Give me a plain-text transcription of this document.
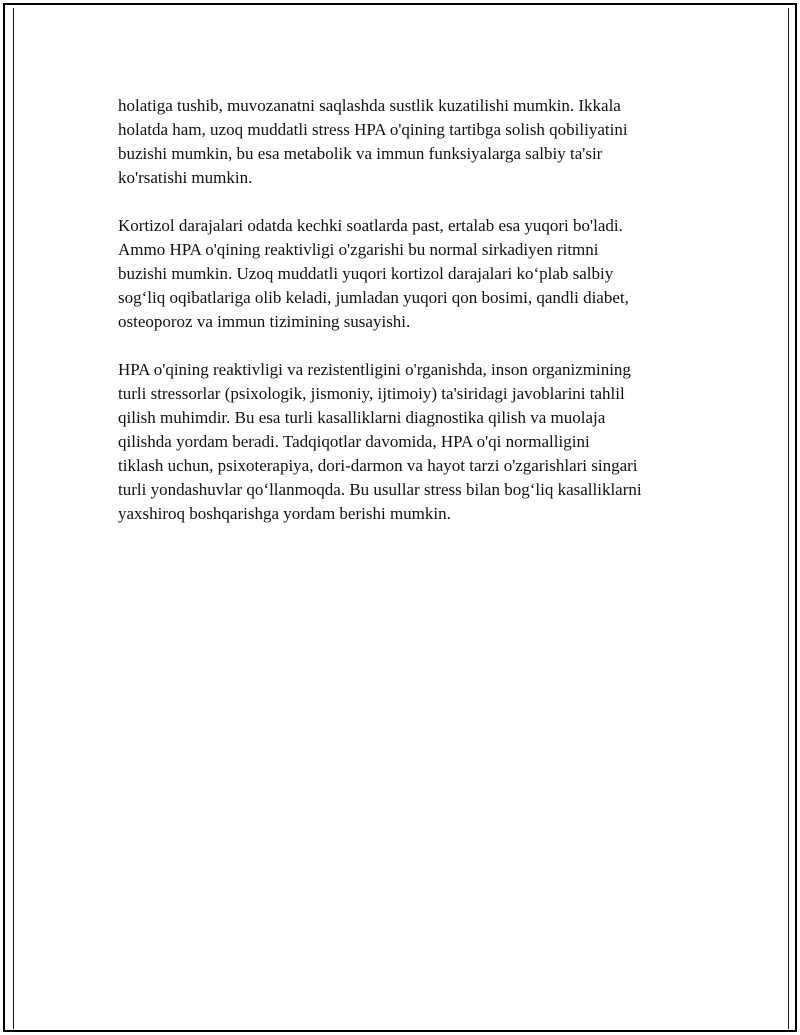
holatiga tushib, muvozanatni saqlashda sustlik kuzatilishi mumkin. Ikkala
holatda ham, uzoq muddatli stress HPA o'qining tartibga solish qobiliyatini
buzishi mumkin, bu esa metabolik va immun funksiyalarga salbiy ta'sir
ko'rsatishi mumkin.

Kortizol darajalari odatda kechki soatlarda past, ertalab esa yuqori bo'ladi.
Ammo HPA o'qining reaktivligi o'zgarishi bu normal sirkadiyen ritmni
buzishi mumkin. Uzoq muddatli yuqori kortizol darajalari ko‘plab salbiy
sog‘liq oqibatlariga olib keladi, jumladan yuqori qon bosimi, qandli diabet,
osteoporoz va immun tizimining susayishi.

HPA o'qining reaktivligi va rezistentligini o'rganishda, inson organizmining
turli stressorlar (psixologik, jismoniy, ijtimoiy) ta'siridagi javoblarini tahlil
qilish muhimdir. Bu esa turli kasalliklarni diagnostika qilish va muolaja
qilishda yordam beradi. Tadqiqotlar davomida, HPA o'qi normalligini
tiklash uchun, psixoterapiya, dori-darmon va hayot tarzi o'zgarishlari singari
turli yondashuvlar qo‘llanmoqda. Bu usullar stress bilan bog‘liq kasalliklarni
yaxshiroq boshqarishga yordam berishi mumkin.
